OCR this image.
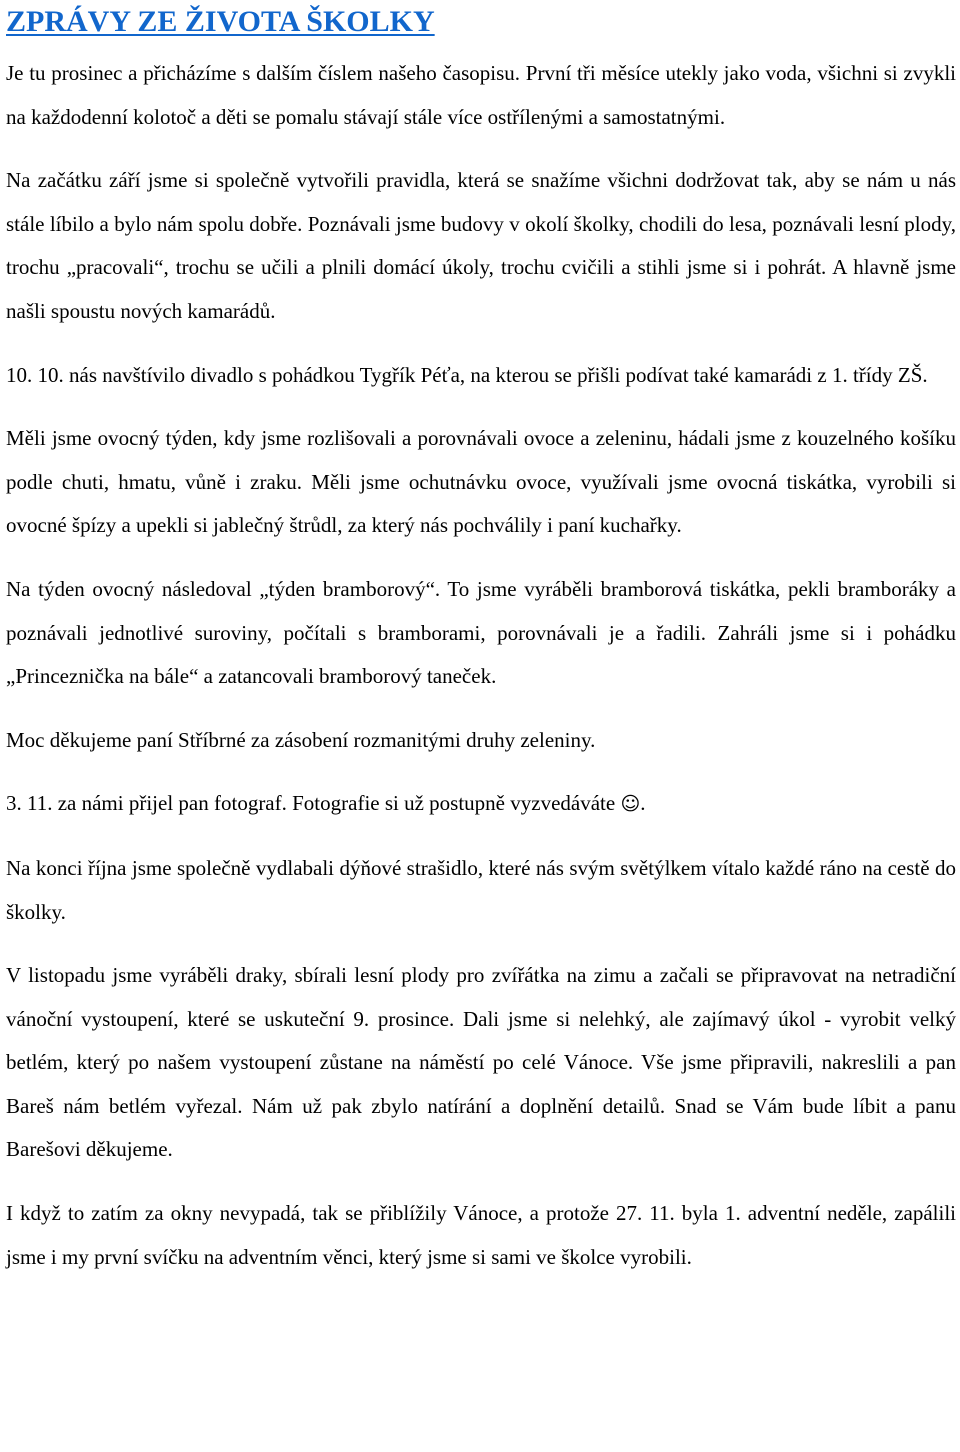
ZPRÁVY ZE ŽIVOTA ŠKOLKY

Je tu prosinec a přicházíme s dalším číslem našeho časopisu. První tři měsíce utekly jako voda, všichni si zvykli na každodenní kolotoč a děti se pomalu stávají stále více ostřílenými a samostatnými.

Na začátku září jsme si společně vytvořili pravidla, která se snažíme všichni dodržovat tak, aby se nám u nás stále líbilo a bylo nám spolu dobře. Poznávali jsme budovy v okolí školky, chodili do lesa, poznávali lesní plody, trochu „pracovali“, trochu se učili a plnili domácí úkoly, trochu cvičili a stihli jsme si i pohrát. A hlavně jsme našli spoustu nových kamarádů.

10. 10. nás navštívilo divadlo s pohádkou Tygřík Péťa, na kterou se přišli podívat také kamarádi z 1. třídy ZŠ.

Měli jsme ovocný týden, kdy jsme rozlišovali a porovnávali ovoce a zeleninu, hádali jsme z kouzelného košíku podle chuti, hmatu, vůně i zraku. Měli jsme ochutnávku ovoce, využívali jsme ovocná tiskátka, vyrobili si ovocné špízy a upekli si jablečný štrůdl, za který nás pochválily i paní kuchařky.

Na týden ovocný následoval „týden bramborový“. To jsme vyráběli bramborová tiskátka, pekli bramboráky a poznávali jednotlivé suroviny, počítali s bramborami, porovnávali je a řadili. Zahráli jsme si i pohádku „Princeznička na bále“ a zatancovali bramborový taneček.

Moc děkujeme paní Stříbrné za zásobení rozmanitými druhy zeleniny.

3. 11. za námi přijel pan fotograf. Fotografie si už postupně vyzvedáváte ☺.

Na konci října jsme společně vydlabali dýňové strašidlo, které nás svým světýlkem vítalo každé ráno na cestě do školky.

V listopadu jsme vyráběli draky, sbírali lesní plody pro zvířátka na zimu a začali se připravovat na netradiční vánoční vystoupení, které se uskuteční 9. prosince. Dali jsme si nelehký, ale zajímavý úkol - vyrobit velký betlém, který po našem vystoupení zůstane na náměstí po celé Vánoce. Vše jsme připravili, nakreslili a pan Bareš nám betlém vyřezal. Nám už pak zbylo natírání a doplnění detailů. Snad se Vám bude líbit a panu Barešovi děkujeme.

I když to zatím za okny nevypadá, tak se přiblížily Vánoce, a protože 27. 11. byla 1. adventní neděle, zapálili jsme i my první svíčku na adventním věnci, který jsme si sami ve školce vyrobili.
